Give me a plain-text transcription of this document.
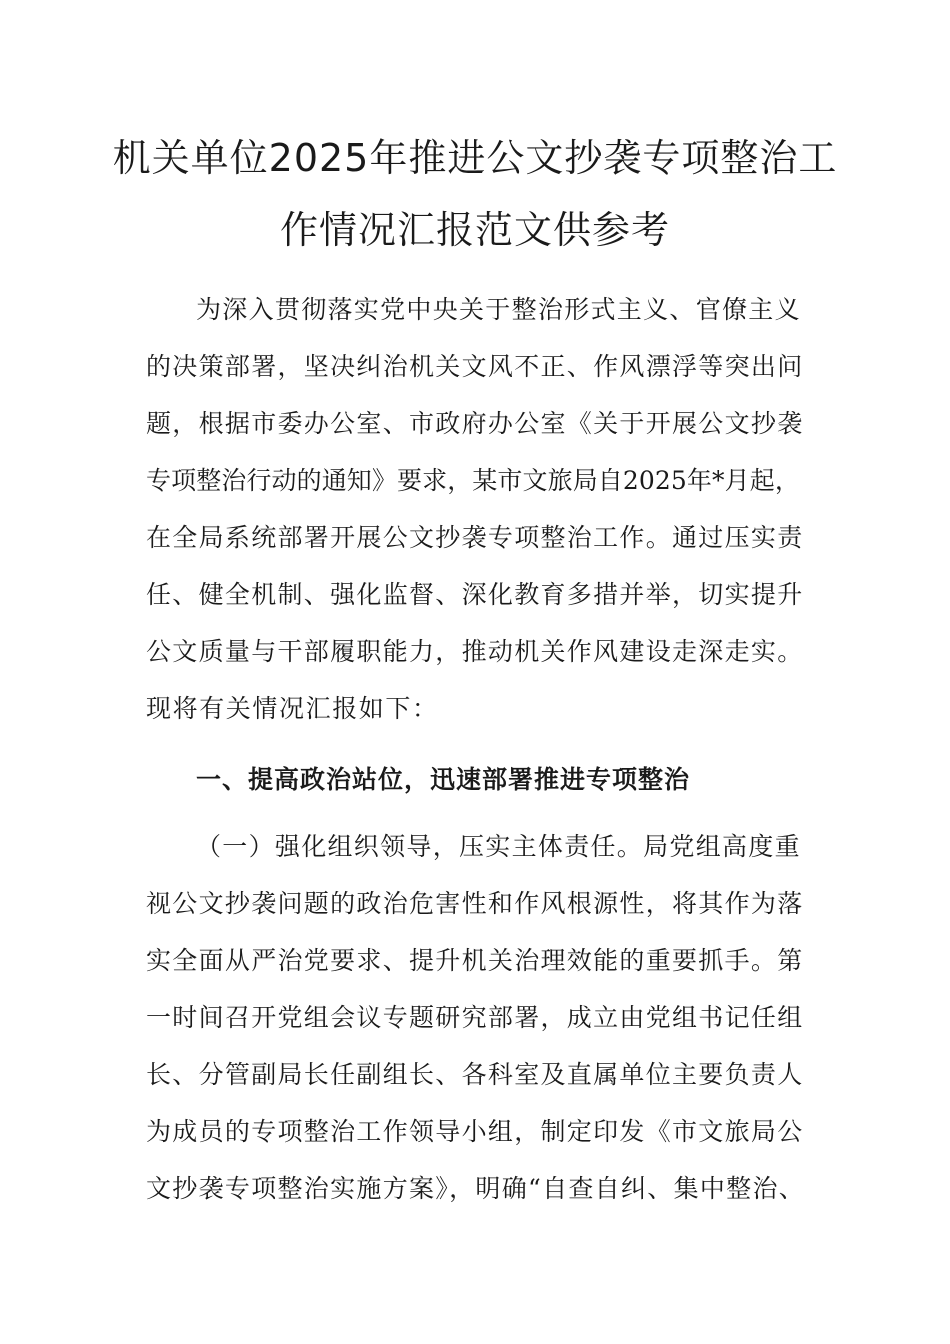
机关单位2025年推进公文抄袭专项整治工
作情况汇报范文供参考

为深入贯彻落实党中央关于整治形式主义、官僚主义

的决策部署，坚决纠治机关文风不正、作风漂浮等突出问

题，根据市委办公室、市政府办公室《关于开展公文抄袭

专项整治行动的通知》要求，某市文旅局自2025年*月起，

在全局系统部署开展公文抄袭专项整治工作。通过压实责

任、健全机制、强化监督、深化教育多措并举，切实提升

公文质量与干部履职能力，推动机关作风建设走深走实。

现将有关情况汇报如下：

一、提高政治站位，迅速部署推进专项整治

（一）强化组织领导，压实主体责任。局党组高度重

视公文抄袭问题的政治危害性和作风根源性，将其作为落

实全面从严治党要求、提升机关治理效能的重要抓手。第

一时间召开党组会议专题研究部署，成立由党组书记任组

长、分管副局长任副组长、各科室及直属单位主要负责人

为成员的专项整治工作领导小组，制定印发《市文旅局公

文抄袭专项整治实施方案》，明确“自查自纠、集中整治、
